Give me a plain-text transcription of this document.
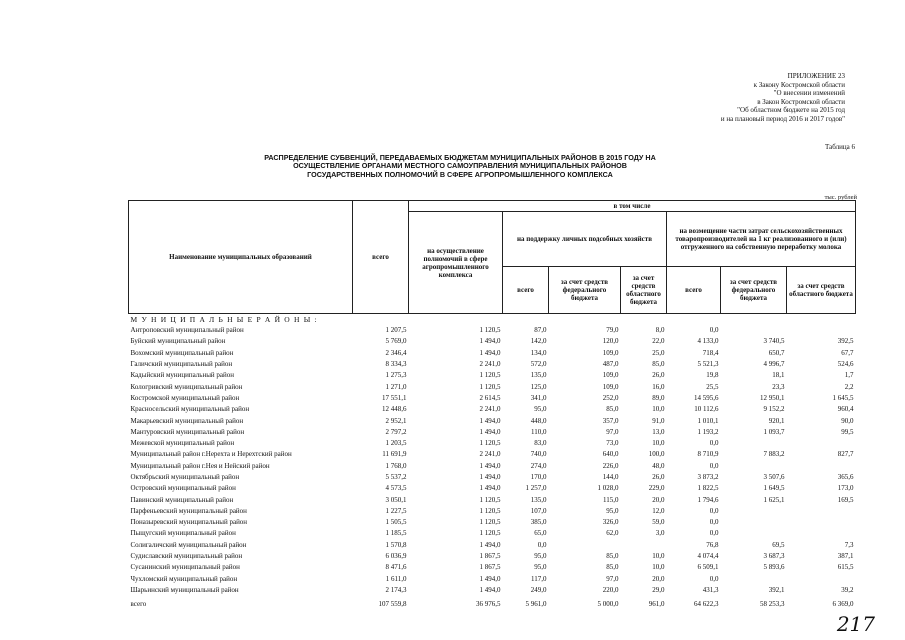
ПРИЛОЖЕНИЕ 23
к Закону Костромской области
"О внесении изменений
в Закон Костромской области
"Об областном бюджете на 2015 год
и на плановый период 2016 и 2017 годов"
Таблица 6
РАСПРЕДЕЛЕНИЕ СУБВЕНЦИЙ, ПЕРЕДАВАЕМЫХ БЮДЖЕТАМ МУНИЦИПАЛЬНЫХ РАЙОНОВ В 2015 ГОДУ НА
ОСУЩЕСТВЛЕНИЕ ОРГАНАМИ МЕСТНОГО САМОУПРАВЛЕНИЯ МУНИЦИПАЛЬНЫХ РАЙОНОВ
ГОСУДАРСТВЕННЫХ ПОЛНОМОЧИЙ В СФЕРЕ АГРОПРОМЫШЛЕННОГО КОМПЛЕКСА
тыс. рублей
Наименование муниципальных образований	всего	в том числе						
		на осуществление полномочий в сфере агропромышленного комплекса	на поддержку личных подсобных хозяйств			на возмещение части затрат сельскохозяйственных товаропроизводителей на 1 кг реализованного и (или) отгруженного на собственную переработку молока		
			всего	за счет средств федерального бюджета	за счет средств областного бюджета	всего	за счет средств федерального бюджета	за счет средств областного бюджета
М У Н И Ц И П А Л Ь Н Ы Е Р А Й О Н Ы :								
Антроповский муниципальный район	1 207,5	1 120,5	87,0	79,0	8,0	0,0		
Буйский муниципальный район	5 769,0	1 494,0	142,0	120,0	22,0	4 133,0	3 740,5	392,5
Вохомский муниципальный район	2 346,4	1 494,0	134,0	109,0	25,0	718,4	650,7	67,7
Галичский муниципальный район	8 334,3	2 241,0	572,0	487,0	85,0	5 521,3	4 996,7	524,6
Кадыйский муниципальный район	1 275,3	1 120,5	135,0	109,0	26,0	19,8	18,1	1,7
Кологривский муниципальный район	1 271,0	1 120,5	125,0	109,0	16,0	25,5	23,3	2,2
Костромской муниципальный район	17 551,1	2 614,5	341,0	252,0	89,0	14 595,6	12 950,1	1 645,5
Красносельский муниципальный район	12 448,6	2 241,0	95,0	85,0	10,0	10 112,6	9 152,2	960,4
Макарьевский муниципальный район	2 952,1	1 494,0	448,0	357,0	91,0	1 010,1	920,1	90,0
Мантуровский муниципальный район	2 797,2	1 494,0	110,0	97,0	13,0	1 193,2	1 093,7	99,5
Межевской муниципальный район	1 203,5	1 120,5	83,0	73,0	10,0	0,0		
Муниципальный район г.Нерехта и Нерехтский район	11 691,9	2 241,0	740,0	640,0	100,0	8 710,9	7 883,2	827,7
Муниципальный район г.Нея и Нейский район	1 768,0	1 494,0	274,0	226,0	48,0	0,0		
Октябрьский муниципальный район	5 537,2	1 494,0	170,0	144,0	26,0	3 873,2	3 507,6	365,6
Островский муниципальный район	4 573,5	1 494,0	1 257,0	1 028,0	229,0	1 822,5	1 649,5	173,0
Павинский муниципальный район	3 050,1	1 120,5	135,0	115,0	20,0	1 794,6	1 625,1	169,5
Парфеньевский муниципальный район	1 227,5	1 120,5	107,0	95,0	12,0	0,0		
Поназыревский муниципальный район	1 505,5	1 120,5	385,0	326,0	59,0	0,0		
Пыщугский муниципальный район	1 185,5	1 120,5	65,0	62,0	3,0	0,0		
Солигаличский муниципальный район	1 570,8	1 494,0	0,0			76,8	69,5	7,3
Судиславский муниципальный район	6 036,9	1 867,5	95,0	85,0	10,0	4 074,4	3 687,3	387,1
Сусанинский муниципальный район	8 471,6	1 867,5	95,0	85,0	10,0	6 509,1	5 893,6	615,5
Чухломский муниципальный район	1 611,0	1 494,0	117,0	97,0	20,0	0,0		
Шарьинский муниципальный район	2 174,3	1 494,0	249,0	220,0	29,0	431,3	392,1	39,2
всего	107 559,8	36 976,5	5 961,0	5 000,0	961,0	64 622,3	58 253,3	6 369,0
217
